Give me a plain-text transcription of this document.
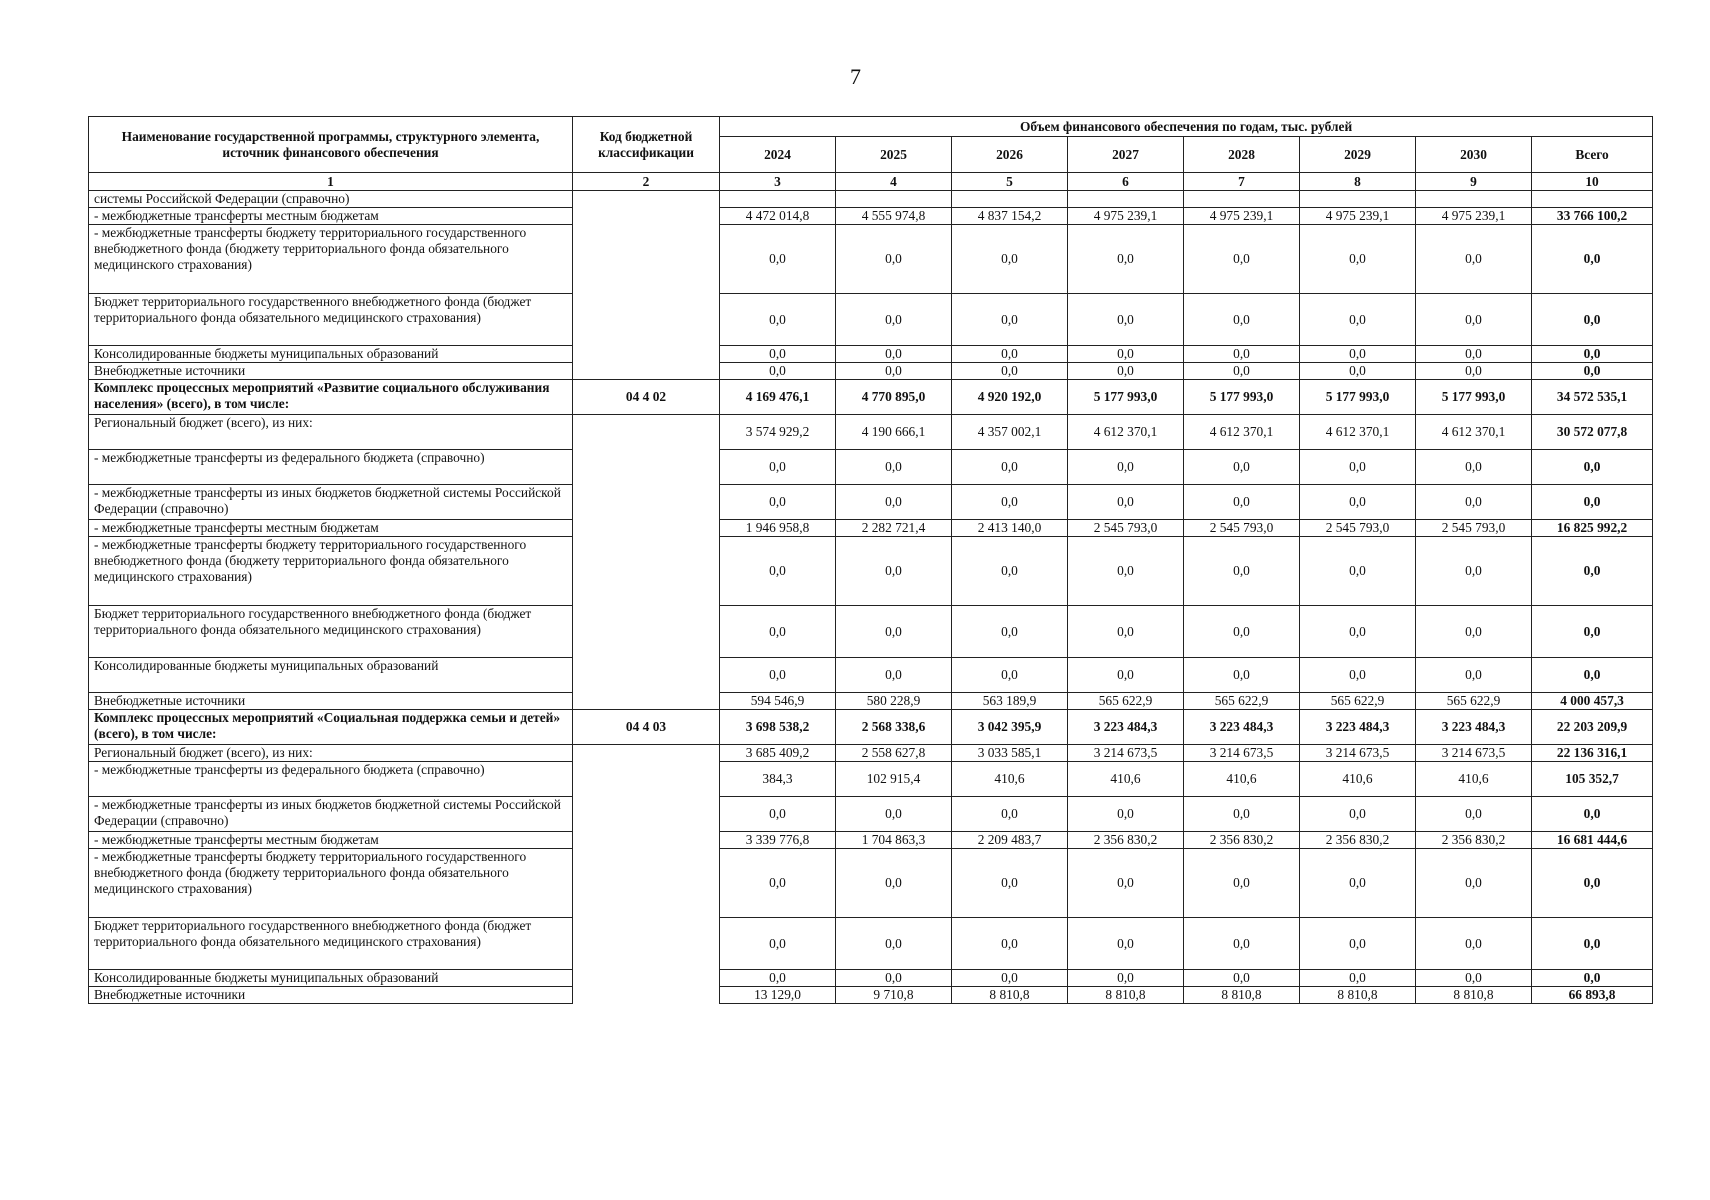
7
Наименование государственной программы, структурного элемента, источник финансового обеспечения	Код бюджетной классификации	Объем финансового обеспечения по годам, тыс. рублей							
		2024	2025	2026	2027	2028	2029	2030	Всего
1	2	3	4	5	6	7	8	9	10
системы Российской Федерации (справочно)									
- межбюджетные трансферты местным бюджетам		4 472 014,8	4 555 974,8	4 837 154,2	4 975 239,1	4 975 239,1	4 975 239,1	4 975 239,1	33 766 100,2
- межбюджетные трансферты бюджету территориального государственного внебюджетного фонда (бюджету территориального фонда обязательного медицинского страхования)		0,0	0,0	0,0	0,0	0,0	0,0	0,0	0,0
Бюджет территориального государственного внебюджетного фонда (бюджет территориального фонда обязательного медицинского страхования)		0,0	0,0	0,0	0,0	0,0	0,0	0,0	0,0
Консолидированные бюджеты муниципальных образований		0,0	0,0	0,0	0,0	0,0	0,0	0,0	0,0
Внебюджетные источники		0,0	0,0	0,0	0,0	0,0	0,0	0,0	0,0
Комплекс процессных мероприятий «Развитие социального обслуживания населения» (всего), в том числе:	04 4 02	4 169 476,1	4 770 895,0	4 920 192,0	5 177 993,0	5 177 993,0	5 177 993,0	5 177 993,0	34 572 535,1
Региональный бюджет (всего), из них:		3 574 929,2	4 190 666,1	4 357 002,1	4 612 370,1	4 612 370,1	4 612 370,1	4 612 370,1	30 572 077,8
- межбюджетные трансферты из федерального бюджета (справочно)		0,0	0,0	0,0	0,0	0,0	0,0	0,0	0,0
- межбюджетные трансферты из иных бюджетов бюджетной системы Российской Федерации (справочно)		0,0	0,0	0,0	0,0	0,0	0,0	0,0	0,0
- межбюджетные трансферты местным бюджетам		1 946 958,8	2 282 721,4	2 413 140,0	2 545 793,0	2 545 793,0	2 545 793,0	2 545 793,0	16 825 992,2
- межбюджетные трансферты бюджету территориального государственного внебюджетного фонда (бюджету территориального фонда обязательного медицинского страхования)		0,0	0,0	0,0	0,0	0,0	0,0	0,0	0,0
Бюджет территориального государственного внебюджетного фонда (бюджет территориального фонда обязательного медицинского страхования)		0,0	0,0	0,0	0,0	0,0	0,0	0,0	0,0
Консолидированные бюджеты муниципальных образований		0,0	0,0	0,0	0,0	0,0	0,0	0,0	0,0
Внебюджетные источники		594 546,9	580 228,9	563 189,9	565 622,9	565 622,9	565 622,9	565 622,9	4 000 457,3
Комплекс процессных мероприятий «Социальная поддержка семьи и детей» (всего), в том числе:	04 4 03	3 698 538,2	2 568 338,6	3 042 395,9	3 223 484,3	3 223 484,3	3 223 484,3	3 223 484,3	22 203 209,9
Региональный бюджет (всего), из них:		3 685 409,2	2 558 627,8	3 033 585,1	3 214 673,5	3 214 673,5	3 214 673,5	3 214 673,5	22 136 316,1
- межбюджетные трансферты из федерального бюджета (справочно)		384,3	102 915,4	410,6	410,6	410,6	410,6	410,6	105 352,7
- межбюджетные трансферты из иных бюджетов бюджетной системы Российской Федерации (справочно)		0,0	0,0	0,0	0,0	0,0	0,0	0,0	0,0
- межбюджетные трансферты местным бюджетам		3 339 776,8	1 704 863,3	2 209 483,7	2 356 830,2	2 356 830,2	2 356 830,2	2 356 830,2	16 681 444,6
- межбюджетные трансферты бюджету территориального государственного внебюджетного фонда (бюджету территориального фонда обязательного медицинского страхования)		0,0	0,0	0,0	0,0	0,0	0,0	0,0	0,0
Бюджет территориального государственного внебюджетного фонда (бюджет территориального фонда обязательного медицинского страхования)		0,0	0,0	0,0	0,0	0,0	0,0	0,0	0,0
Консолидированные бюджеты муниципальных образований		0,0	0,0	0,0	0,0	0,0	0,0	0,0	0,0
Внебюджетные источники		13 129,0	9 710,8	8 810,8	8 810,8	8 810,8	8 810,8	8 810,8	66 893,8
